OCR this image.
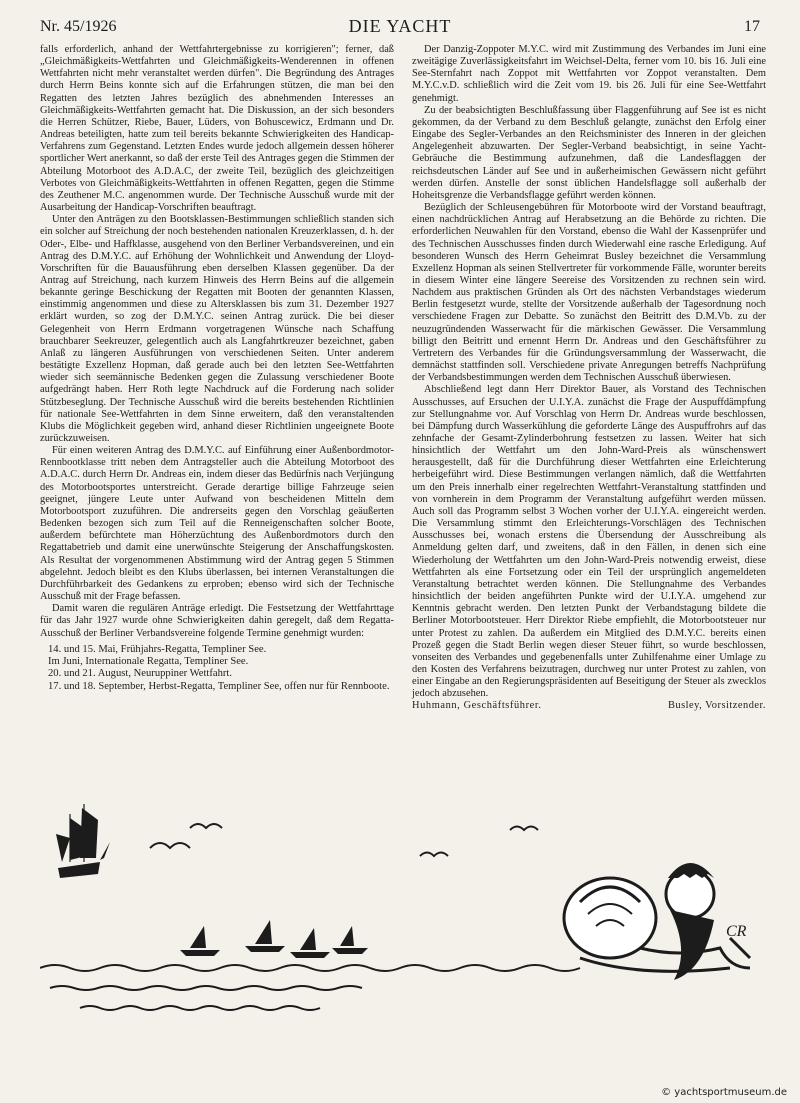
Nr. 45/1926	DIE YACHT	17

falls erforderlich, anhand der Wettfahrtergebnisse zu korrigieren"; ferner, daß „Gleichmäßigkeits-Wettfahrten und Gleichmäßigkeits-Wenderennen in offenen Wettfahrten nicht mehr veranstaltet werden dürfen". Die Begründung des Antrages durch Herrn Beins konnte sich auf die Erfahrungen stützen, die man bei den Regatten des letzten Jahres bezüglich des abnehmenden Interesses an Gleichmäßigkeits-Wettfahrten gemacht hat. Die Diskussion, an der sich besonders die Herren Schützer, Riebe, Bauer, Lüders, von Bohuscewicz, Erdmann und Dr. Andreas beteiligten, hatte zum teil bereits bekannte Schwierigkeiten des Handicap-Verfahrens zum Gegenstand. Letzten Endes wurde jedoch allgemein dessen höherer sportlicher Wert anerkannt, so daß der erste Teil des Antrages gegen die Stimmen der Abteilung Motorboot des A.D.A.C, der zweite Teil, bezüglich des gleichzeitigen Verbotes von Gleichmäßigkeits-Wettfahrten in offenen Regatten, gegen die Stimme des Zeuthener M.C. angenommen wurde. Der Technische Ausschuß wurde mit der Ausarbeitung der Handicap-Vorschriften beauftragt.

Unter den Anträgen zu den Bootsklassen-Bestimmungen schließlich standen sich ein solcher auf Streichung der noch bestehenden nationalen Kreuzerklassen, d. h. der Oder-, Elbe- und Haffklasse, ausgehend von den Berliner Verbandsvereinen, und ein Antrag des D.M.Y.C. auf Erhöhung der Wohnlichkeit und Anwendung der Lloyd-Vorschriften für die Bauausführung eben derselben Klassen gegenüber. Da der Antrag auf Streichung, nach kurzem Hinweis des Herrn Beins auf die allgemein bekannte geringe Beschickung der Regatten mit Booten der genannten Klassen, einstimmig angenommen und diese zu Altersklassen bis zum 31. Dezember 1927 erklärt wurden, so zog der D.M.Y.C. seinen Antrag zurück. Die bei dieser Gelegenheit von Herrn Erdmann vorgetragenen Wünsche nach Schaffung brauchbarer Seekreuzer, gelegentlich auch als Langfahrtkreuzer bezeichnet, gaben Anlaß zu längeren Ausführungen von verschiedenen Seiten. Unter anderem bestätigte Exzellenz Hopman, daß gerade auch bei den letzten See-Wettfahrten wieder sich seemännische Bedenken gegen die Zulassung verschiedener Boote aufgedrängt haben. Herr Roth legte Nachdruck auf die Forderung nach solider Stützbeseglung. Der Technische Ausschuß wird die bereits bestehenden Richtlinien für nationale See-Wettfahrten in dem Sinne erweitern, daß den veranstaltenden Klubs die Möglichkeit gegeben wird, anhand dieser Richtlinien ungeeignete Boote zurückzuweisen.

Für einen weiteren Antrag des D.M.Y.C. auf Einführung einer Außenbordmotor-Rennbootklasse tritt neben dem Antragsteller auch die Abteilung Motorboot des A.D.A.C. durch Herrn Dr. Andreas ein, indem dieser das Bedürfnis nach Verjüngung des Motorbootsportes unterstreicht. Gerade derartige billige Fahrzeuge seien geeignet, jüngere Leute unter Aufwand von bescheidenen Mitteln dem Motorbootsport zuzuführen. Die andrerseits gegen den Vorschlag geäußerten Bedenken bezogen sich zum Teil auf die Renneigenschaften solcher Boote, außerdem befürchtete man Höherzüchtung des Außenbordmotors durch den Regattabetrieb und damit eine unerwünschte Steigerung der Anschaffungskosten. Als Resultat der vorgenommenen Abstimmung wird der Antrag gegen 5 Stimmen abgelehnt. Jedoch bleibt es den Klubs überlassen, bei internen Veranstaltungen die Durchführbarkeit des Gedankens zu erproben; ebenso wird sich der Technische Ausschuß mit der Frage befassen.

Damit waren die regulären Anträge erledigt. Die Festsetzung der Wettfahrttage für das Jahr 1927 wurde ohne Schwierigkeiten dahin geregelt, daß dem Regatta-Ausschuß der Berliner Verbandsvereine folgende Termine genehmigt wurden:

14. und 15. Mai, Frühjahrs-Regatta, Templiner See.
Im Juni, Internationale Regatta, Templiner See.
20. und 21. August, Neuruppiner Wettfahrt.
17. und 18. September, Herbst-Regatta, Templiner See, offen nur für Rennboote.

Der Danzig-Zoppoter M.Y.C. wird mit Zustimmung des Verbandes im Juni eine zweitägige Zuverlässigkeitsfahrt im Weichsel-Delta, ferner vom 10. bis 16. Juli eine See-Sternfahrt nach Zoppot mit Wettfahrten vor Zoppot veranstalten. Dem M.Y.C.v.D. schließlich wird die Zeit vom 19. bis 26. Juli für eine See-Wettfahrt genehmigt.

Zu der beabsichtigten Beschlußfassung über Flaggenführung auf See ist es nicht gekommen, da der Verband zu dem Beschluß gelangte, zunächst den Erfolg einer Eingabe des Segler-Verbandes an den Reichsminister des Inneren in der gleichen Angelegenheit abzuwarten. Der Segler-Verband beabsichtigt, in seine Yacht-Gebräuche die Bestimmung aufzunehmen, daß die Landesflaggen der reichsdeutschen Länder auf See und in außerheimischen Gewässern nicht geführt werden dürfen. Anstelle der sonst üblichen Handelsflagge soll außerhalb der Hoheitsgrenze die Verbandsflagge geführt werden können.

Bezüglich der Schleusengebühren für Motorboote wird der Vorstand beauftragt, einen nachdrücklichen Antrag auf Herabsetzung an die Behörde zu richten. Die erforderlichen Neuwahlen für den Vorstand, ebenso die Wahl der Kassenprüfer und des Technischen Ausschusses finden durch Wiederwahl eine rasche Erledigung. Auf besonderen Wunsch des Herrn Geheimrat Busley bezeichnet die Versammlung Exzellenz Hopman als seinen Stellvertreter für vorkommende Fälle, worunter bereits in diesem Winter eine längere Seereise des Vorsitzenden zu rechnen sein wird. Nachdem aus praktischen Gründen als Ort des nächsten Verbandstages wiederum Berlin festgesetzt wurde, stellte der Vorsitzende außerhalb der Tagesordnung noch verschiedene Fragen zur Debatte. So zunächst den Beitritt des D.M.Vb. zu der neuzugründenden Wasserwacht für die märkischen Gewässer. Die Versammlung billigt den Beitritt und ernennt Herrn Dr. Andreas und den Geschäftsführer zu Vertretern des Verbandes für die Gründungsversammlung der Wasserwacht, die demnächst stattfinden soll. Verschiedene private Anregungen betreffs Nachprüfung der Verbandsbestimmungen werden dem Technischen Ausschuß überwiesen.

Abschließend legt dann Herr Direktor Bauer, als Vorstand des Technischen Ausschusses, auf Ersuchen der U.I.Y.A. zunächst die Frage der Auspuffdämpfung zur Stellungnahme vor. Auf Vorschlag von Herrn Dr. Andreas wurde beschlossen, bei Dämpfung durch Wasserkühlung die geforderte Länge des Auspuffrohrs auf das zehnfache der Gesamt-Zylinderbohrung festsetzen zu lassen. Weiter hat sich hinsichtlich der Wettfahrt um den John-Ward-Preis als wünschenswert herausgestellt, daß für die Durchführung dieser Wettfahrten eine Erleichterung herbeigeführt wird. Diese Bestimmungen verlangen nämlich, daß die Wettfahrten um den Preis innerhalb einer regelrechten Wettfahrt-Veranstaltung stattfinden und von vornherein in dem Programm der Veranstaltung aufgeführt werden müssen. Auch soll das Programm selbst 3 Wochen vorher der U.I.Y.A. eingereicht werden. Die Versammlung stimmt den Erleichterungs-Vorschlägen des Technischen Ausschusses bei, wonach erstens die Übersendung der Ausschreibung als Anmeldung gelten darf, und zweitens, daß in den Fällen, in denen sich eine Wiederholung der Wettfahrten um den John-Ward-Preis notwendig erweist, diese Wettfahrten als eine Fortsetzung oder ein Teil der ursprünglich angemeldeten Veranstaltung betrachtet werden können. Die Stellungnahme des Verbandes hinsichtlich der beiden angeführten Punkte wird der U.I.Y.A. umgehend zur Kenntnis gebracht werden. Den letzten Punkt der Verbandstagung bildete die Berliner Motorbootsteuer. Herr Direktor Riebe empfiehlt, die Motorbootsteuer nur unter Protest zu zahlen. Da außerdem ein Mitglied des D.M.Y.C. bereits einen Prozeß gegen die Stadt Berlin wegen dieser Steuer führt, so wurde beschlossen, vonseiten des Verbandes und gegebenenfalls unter Zuhilfenahme einer Umlage zu den Kosten des Verfahrens beizutragen, durchweg nur unter Protest zu zahlen, von einer Eingabe an den Regierungspräsidenten auf Beseitigung der Steuer als zwecklos jedoch abzusehen.

Huhmann, Geschäftsführer.	Busley, Vorsitzender.

CR
© yachtsportmuseum.de
